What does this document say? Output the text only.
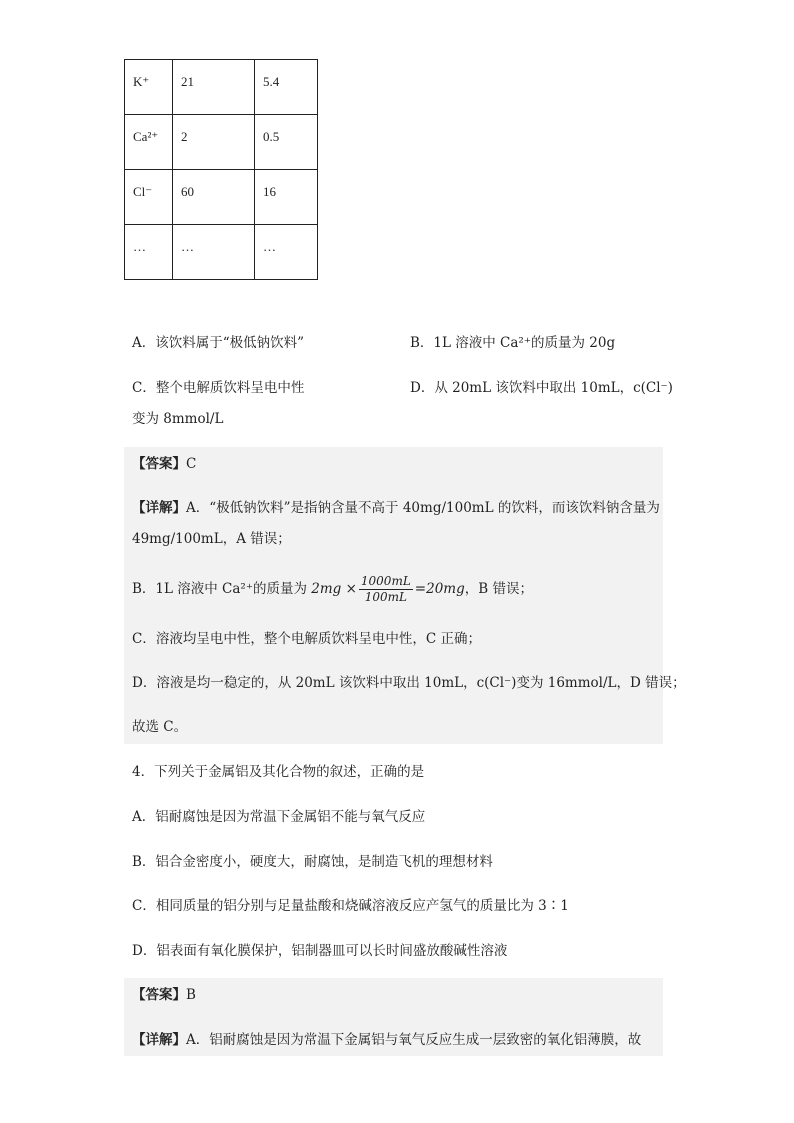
K⁺	21	5.4
Ca²⁺	2	0.5
Cl⁻	60	16
…	…	…
A．该饮料属于“极低钠饮料”	B．1L 溶液中 Ca²⁺的质量为 20g
C．整个电解质饮料呈电中性	D．从 20mL 该饮料中取出 10mL，c(Cl⁻)
变为 8mmol/L
【答案】C
【详解】A．“极低钠饮料”是指钠含量不高于 40mg/100mL 的饮料，而该饮料钠含量为
49mg/100mL，A 错误；
B．1L 溶液中 Ca²⁺的质量为 $2mg \times \frac{1000mL}{100mL} =20mg$，B 错误；
C．溶液均呈电中性，整个电解质饮料呈电中性，C 正确；
D．溶液是均一稳定的，从 20mL 该饮料中取出 10mL，c(Cl⁻)变为 16mmol/L，D 错误；
故选 C。
4．下列关于金属铝及其化合物的叙述，正确的是
A．铝耐腐蚀是因为常温下金属铝不能与氧气反应
B．铝合金密度小，硬度大，耐腐蚀，是制造飞机的理想材料
C．相同质量的铝分别与足量盐酸和烧碱溶液反应产氢气的质量比为 3∶1
D．铝表面有氧化膜保护，铝制器皿可以长时间盛放酸碱性溶液
【答案】B
【详解】A．铝耐腐蚀是因为常温下金属铝与氧气反应生成一层致密的氧化铝薄膜，故
